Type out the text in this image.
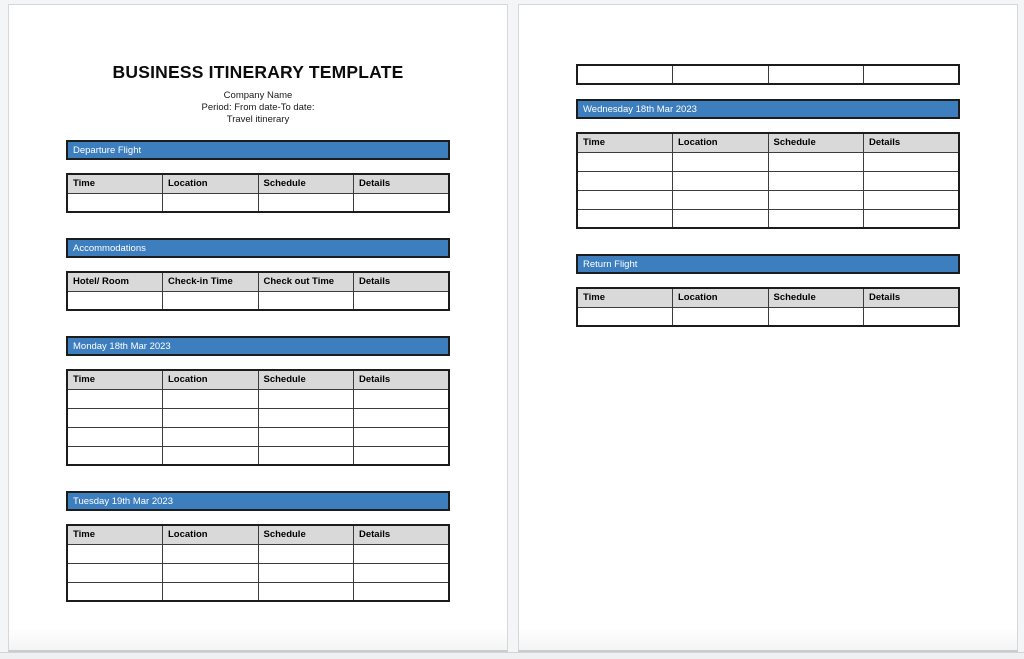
BUSINESS ITINERARY TEMPLATE
Company Name
Period: From date-To date:
Travel itinerary
Departure Flight
Time	Location	Schedule	Details

Accommodations
Hotel/ Room	Check-in Time	Check out Time	Details

Monday 18th Mar 2023
Time	Location	Schedule	Details

Tuesday 19th Mar 2023
Time	Location	Schedule	Details

Wednesday 18th Mar 2023
Time	Location	Schedule	Details

Return Flight
Time	Location	Schedule	Details
